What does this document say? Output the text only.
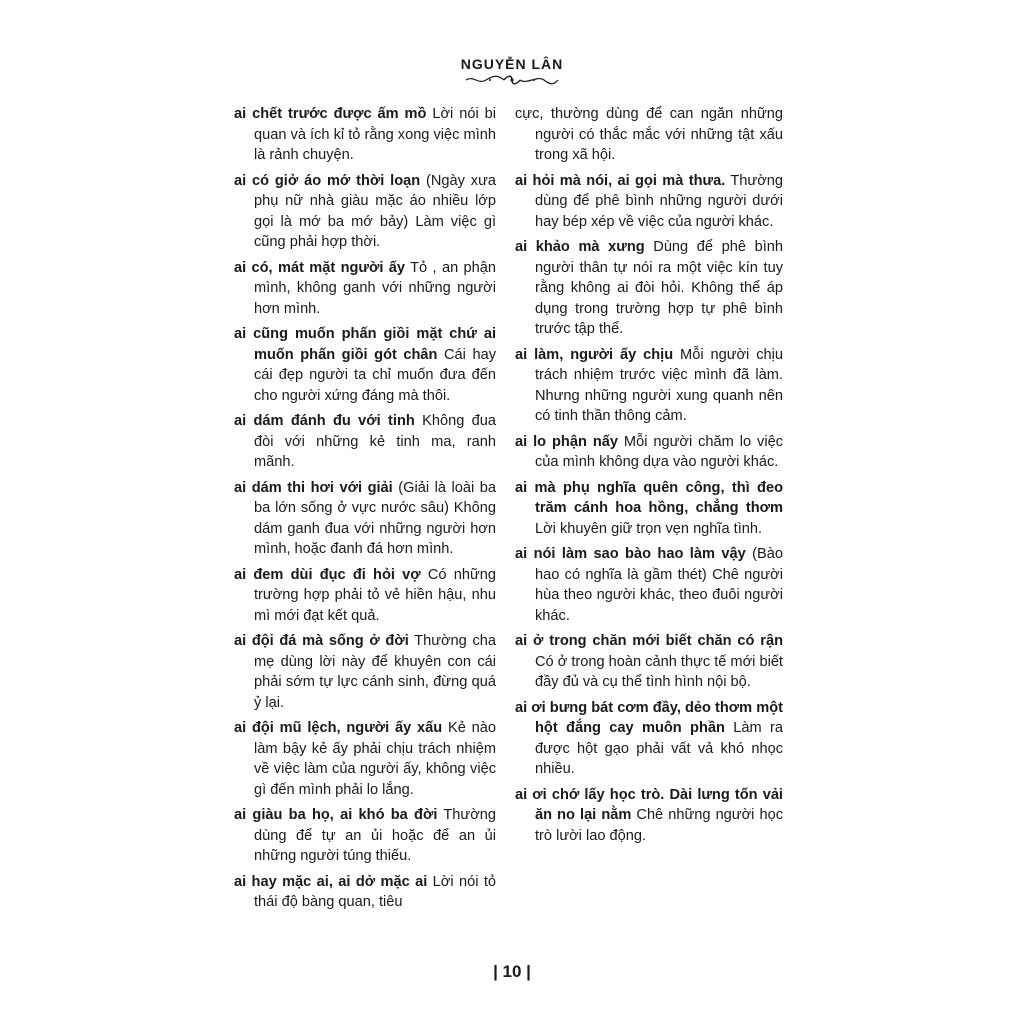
NGUYỄN LÂN

ai chết trước được ấm mồ Lời nói bi quan và ích kỉ tỏ rằng xong việc mình là rảnh chuyện.

ai có giở áo mớ thời loạn (Ngày xưa phụ nữ nhà giàu mặc áo nhiều lớp gọi là mớ ba mớ bảy) Làm việc gì cũng phải hợp thời.

ai có, mát mặt người ấy Tỏ , an phận mình, không ganh với những người hơn mình.

ai cũng muốn phấn giồi mặt chứ ai muốn phấn giồi gót chân Cái hay cái đẹp người ta chỉ muốn đưa đến cho người xứng đáng mà thôi.

ai dám đánh đu với tinh Không đua đòi với những kẻ tinh ma, ranh mãnh.

ai dám thi hơi với giải (Giải là loài ba ba lớn sống ở vực nước sâu) Không dám ganh đua với những người hơn mình, hoặc đanh đá hơn mình.

ai đem dùi đục đi hỏi vợ Có những trường hợp phải tỏ vẻ hiền hậu, nhu mì mới đạt kết quả.

ai đội đá mà sống ở đời Thường cha mẹ dùng lời này để khuyên con cái phải sớm tự lực cánh sinh, đừng quá ỷ lại.

ai đội mũ lệch, người ấy xấu Kẻ nào làm bậy kẻ ấy phải chịu trách nhiệm về việc làm của người ấy, không việc gì đến mình phải lo lắng.

ai giàu ba họ, ai khó ba đời Thường dùng để tự an ủi hoặc để an ủi những người túng thiếu.

ai hay mặc ai, ai dở mặc ai Lời nói tỏ thái độ bàng quan, tiêu

cực, thường dùng để can ngăn những người có thắc mắc với những tật xấu trong xã hội.

ai hỏi mà nói, ai gọi mà thưa. Thường dùng để phê bình những người dưới hay bép xép về việc của người khác.

ai khảo mà xưng Dùng để phê bình người thân tự nói ra một việc kín tuy rằng không ai đòi hỏi. Không thể áp dụng trong trường hợp tự phê bình trước tập thể.

ai làm, người ấy chịu Mỗi người chịu trách nhiệm trước việc mình đã làm. Nhưng những người xung quanh nên có tinh thần thông cảm.

ai lo phận nấy Mỗi người chăm lo việc của mình không dựa vào người khác.

ai mà phụ nghĩa quên công, thì đeo trăm cánh hoa hồng, chẳng thơm Lời khuyên giữ trọn vẹn nghĩa tình.

ai nói làm sao bào hao làm vậy (Bào hao có nghĩa là gầm thét) Chê người hùa theo người khác, theo đuôi người khác.

ai ở trong chăn mới biết chăn có rận Có ở trong hoàn cảnh thực tế mới biết đầy đủ và cụ thể tình hình nội bộ.

ai ơi bưng bát cơm đầy, dẻo thơm một hột đắng cay muôn phần Làm ra được hột gạo phải vất vả khó nhọc nhiều.

ai ơi chớ lấy học trò. Dài lưng tốn vải ăn no lại nằm Chê những người học trò lười lao động.

| 10 |
